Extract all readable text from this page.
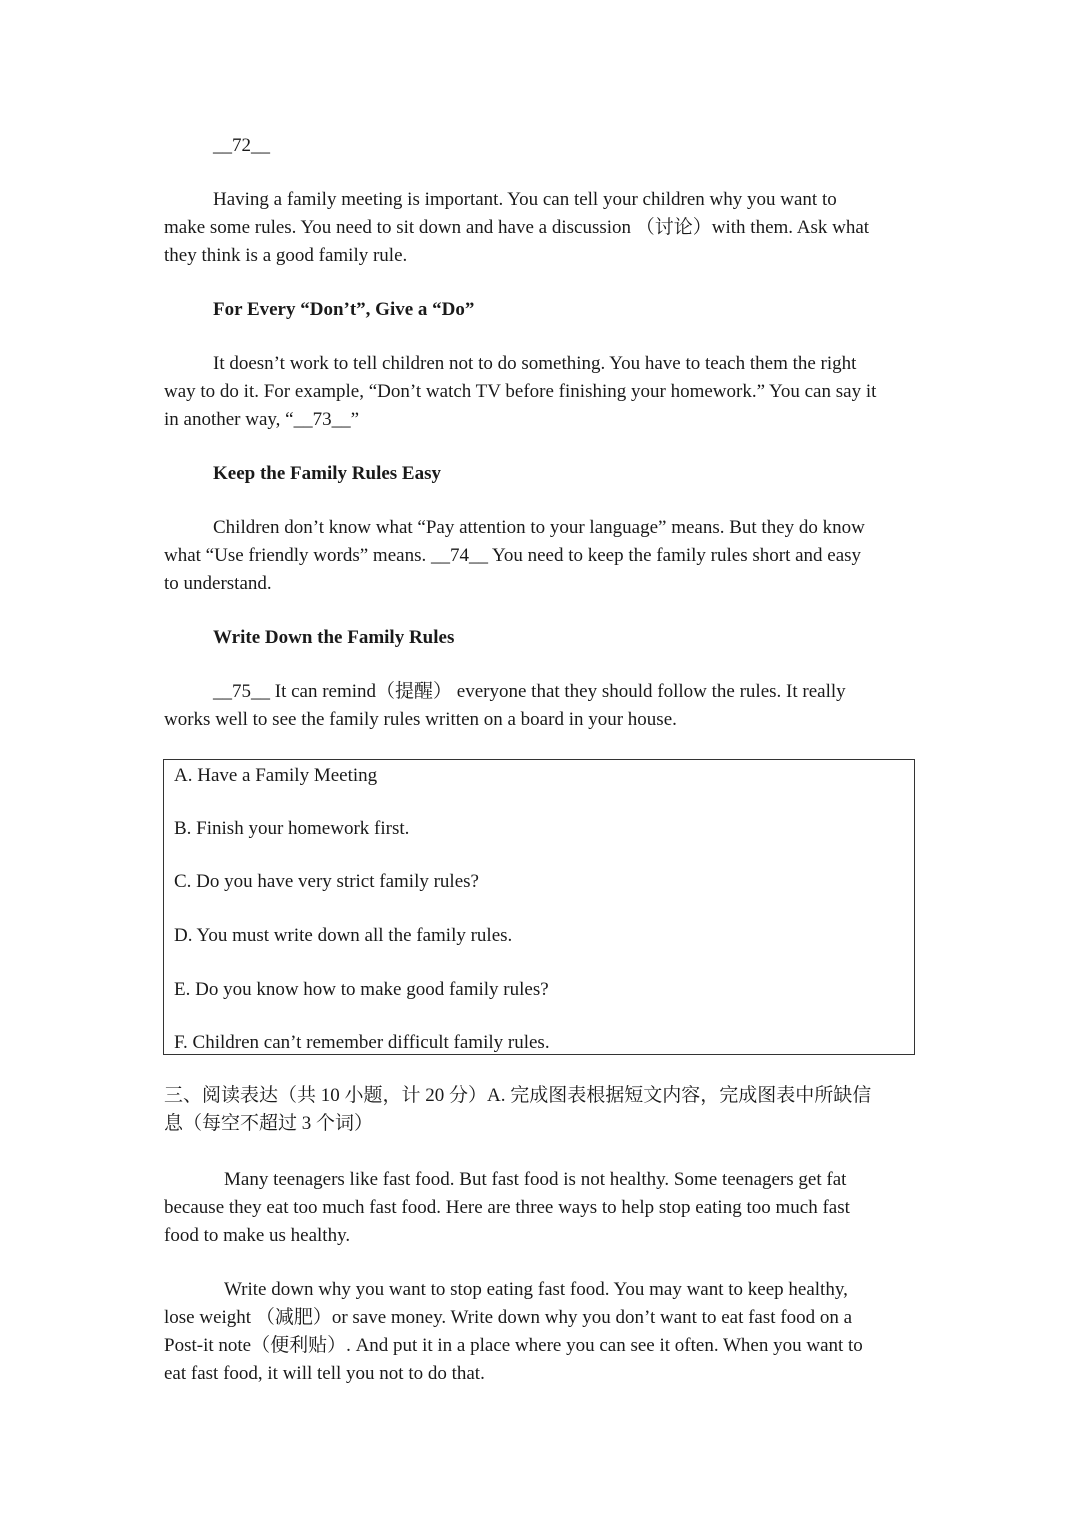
__72__
Having a family meeting is important. You can tell your children why you want to
make some rules. You need to sit down and have a discussion （讨论）with them. Ask what
they think is a good family rule.
For Every “Don’t”, Give a “Do”
It doesn’t work to tell children not to do something. You have to teach them the right
way to do it. For example, “Don’t watch TV before finishing your homework.” You can say it
in another way, “__73__”
Keep the Family Rules Easy
Children don’t know what “Pay attention to your language” means. But they do know
what “Use friendly words” means. __74__ You need to keep the family rules short and easy
to understand.
Write Down the Family Rules
__75__ It can remind（提醒） everyone that they should follow the rules. It really
works well to see the family rules written on a board in your house.
A. Have a Family Meeting
B. Finish your homework first.
C. Do you have very strict family rules?
D. You must write down all the family rules.
E. Do you know how to make good family rules?
F. Children can’t remember difficult family rules.
三、阅读表达（共 10 小题，计 20 分）A. 完成图表根据短文内容，完成图表中所缺信
息（每空不超过 3 个词）
Many teenagers like fast food. But fast food is not healthy. Some teenagers get fat
because they eat too much fast food. Here are three ways to help stop eating too much fast
food to make us healthy.
Write down why you want to stop eating fast food. You may want to keep healthy,
lose weight （减肥）or save money. Write down why you don’t want to eat fast food on a
Post-it note（便利贴）. And put it in a place where you can see it often. When you want to
eat fast food, it will tell you not to do that.
